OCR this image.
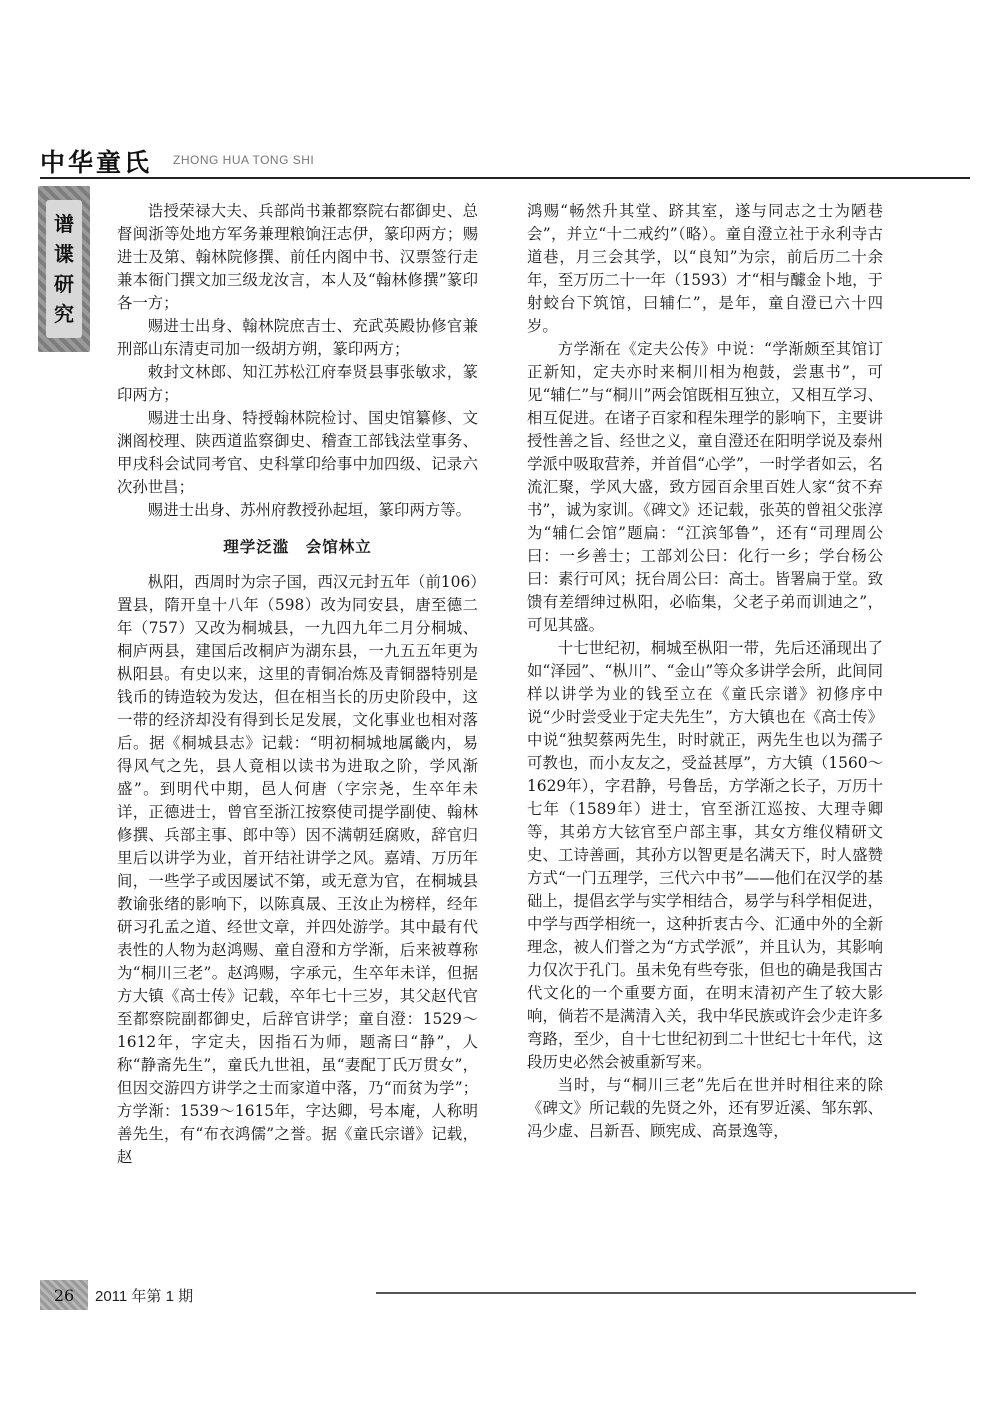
中华童氏 ZHONG HUA TONG SHI
谱
谍
研
究

诰授荣禄大夫、兵部尚书兼都察院右都御史、总督闽浙等处地方军务兼理粮饷汪志伊，篆印两方；赐进士及第、翰林院修撰、前任内阁中书、汉票签行走兼本衙门撰文加三级龙汝言，本人及“翰林修撰”篆印各一方；

赐进士出身、翰林院庶吉士、充武英殿协修官兼刑部山东清吏司加一级胡方朔，篆印两方；

敕封文林郎、知江苏松江府奉贤县事张敏求，篆印两方；

赐进士出身、特授翰林院检讨、国史馆纂修、文渊阁校理、陕西道监察御史、稽查工部钱法堂事务、甲戌科会试同考官、史科掌印给事中加四级、记录六次孙世昌；

赐进士出身、苏州府教授孙起垣，篆印两方等。

理学泛滥　会馆林立

枞阳，西周时为宗子国，西汉元封五年（前106）置县，隋开皇十八年（598）改为同安县，唐至德二年（757）又改为桐城县，一九四九年二月分桐城、桐庐两县，建国后改桐庐为湖东县，一九五五年更为枞阳县。有史以来，这里的青铜冶炼及青铜器特别是钱币的铸造较为发达，但在相当长的历史阶段中，这一带的经济却没有得到长足发展，文化事业也相对落后。据《桐城县志》记载：“明初桐城地属畿内，易得风气之先，县人竟相以读书为进取之阶，学风渐盛”。到明代中期，邑人何唐（字宗尧，生卒年未详，正德进士，曾官至浙江按察使司提学副使、翰林修撰、兵部主事、郎中等）因不满朝廷腐败，辞官归里后以讲学为业，首开结社讲学之风。嘉靖、万历年间，一些学子或因屡试不第，或无意为官，在桐城县教谕张绪的影响下，以陈真晟、王汝止为榜样，经年研习孔孟之道、经世文章，并四处游学。其中最有代表性的人物为赵鸿赐、童自澄和方学渐，后来被尊称为“桐川三老”。赵鸿赐，字承元，生卒年未详，但据方大镇《高士传》记载，卒年七十三岁，其父赵代官至都察院副都御史，后辞官讲学；童自澄：1529～1612年，字定夫，因指石为师，题斋曰“静”，人称“静斋先生”，童氏九世祖，虽“妻配丁氏万贯女”，但因交游四方讲学之士而家道中落，乃“而贫为学”；方学渐：1539～1615年，字达卿，号本庵，人称明善先生，有“布衣鸿儒”之誉。据《童氏宗谱》记载，赵

鸿赐“畅然升其堂、跻其室，遂与同志之士为陋巷会”，并立“十二戒约”（略）。童自澄立社于永利寺古道巷，月三会其学，以“良知”为宗，前后历二十余年，至万历二十一年（1593）才“相与醵金卜地，于射蛟台下筑馆，曰辅仁”，是年，童自澄已六十四岁。

方学渐在《定夫公传》中说：“学渐颇至其馆订正新知，定夫亦时来桐川相为枹鼓，尝惠书”，可见“辅仁”与“桐川”两会馆既相互独立，又相互学习、相互促进。在诸子百家和程朱理学的影响下，主要讲授性善之旨、经世之义，童自澄还在阳明学说及泰州学派中吸取营养，并首倡“心学”，一时学者如云，名流汇聚，学风大盛，致方园百余里百姓人家“贫不弃书”，诚为家训。《碑文》还记载，张英的曾祖父张淳为“辅仁会馆”题扁：“江滨邹鲁”，还有“司理周公曰：一乡善士；工部刘公曰：化行一乡；学台杨公曰：素行可风；抚台周公曰：高士。皆署扁于堂。致馈有差缙绅过枞阳，必临集，父老子弟而训迪之”，可见其盛。

十七世纪初，桐城至枞阳一带，先后还涌现出了如“泽园”、“枞川”、“金山”等众多讲学会所，此间同样以讲学为业的钱至立在《童氏宗谱》初修序中说“少时尝受业于定夫先生”，方大镇也在《高士传》中说“独契蔡两先生，时时就正，两先生也以为孺子可教也，而小友友之，受益甚厚”，方大镇（1560～1629年），字君静，号鲁岳，方学渐之长子，万历十七年（1589年）进士，官至浙江巡按、大理寺卿等，其弟方大铉官至户部主事，其女方维仪精研文史、工诗善画，其孙方以智更是名满天下，时人盛赞方式“一门五理学，三代六中书”——他们在汉学的基础上，提倡玄学与实学相结合，易学与科学相促进，中学与西学相统一，这种折衷古今、汇通中外的全新理念，被人们誉之为“方式学派”，并且认为，其影响力仅次于孔门。虽未免有些夸张，但也的确是我国古代文化的一个重要方面，在明末清初产生了较大影响，倘若不是满清入关，我中华民族或许会少走许多弯路，至少，自十七世纪初到二十世纪七十年代，这段历史必然会被重新写来。

当时，与“桐川三老”先后在世并时相往来的除《碑文》所记载的先贤之外，还有罗近溪、邹东郭、冯少虚、吕新吾、顾宪成、高景逸等，

26	2011 年第 1 期
